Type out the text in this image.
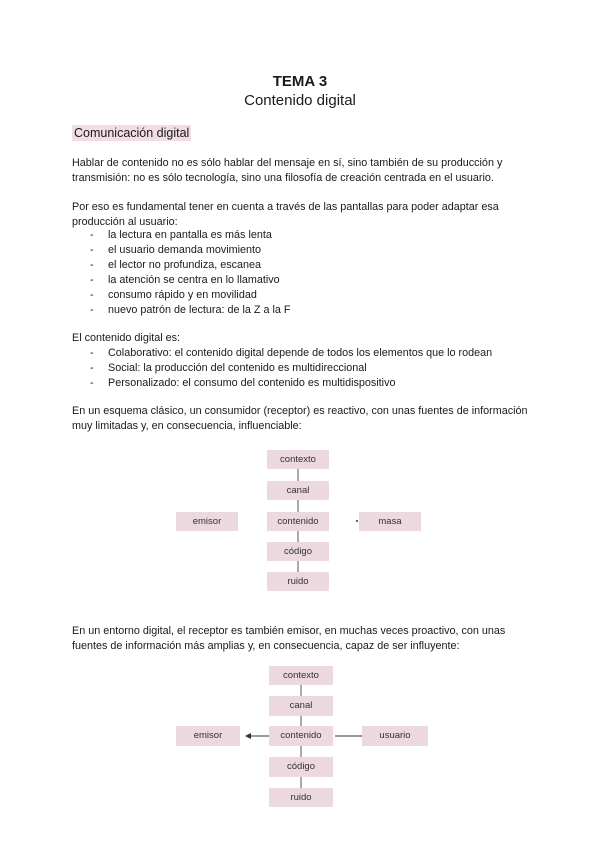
TEMA 3
Contenido digital
Comunicación digital

Hablar de contenido no es sólo hablar del mensaje en sí, sino también de su producción y transmisión: no es sólo tecnología, sino una filosofía de creación centrada en el usuario.

Por eso es fundamental tener en cuenta a través de las pantallas para poder adaptar esa producción al usuario:

- la lectura en pantalla es más lenta
- el usuario demanda movimiento
- el lector no profundiza, escanea
- la atención se centra en lo llamativo
- consumo rápido y en movilidad
- nuevo patrón de lectura: de la Z a la F

El contenido digital es:

- Colaborativo: el contenido digital depende de todos los elementos que lo rodean
- Social: la producción del contenido es multidireccional
- Personalizado: el consumo del contenido es multidispositivo

En un esquema clásico, un consumidor (receptor) es reactivo, con unas fuentes de información muy limitadas y, en consecuencia, influenciable:

contexto
canal
contenido
código
ruido
emisor	masa

En un entorno digital, el receptor es también emisor, en muchas veces proactivo, con unas fuentes de información más amplias y, en consecuencia, capaz de ser influyente:

contexto
canal
contenido
código
ruido
emisor	usuario
